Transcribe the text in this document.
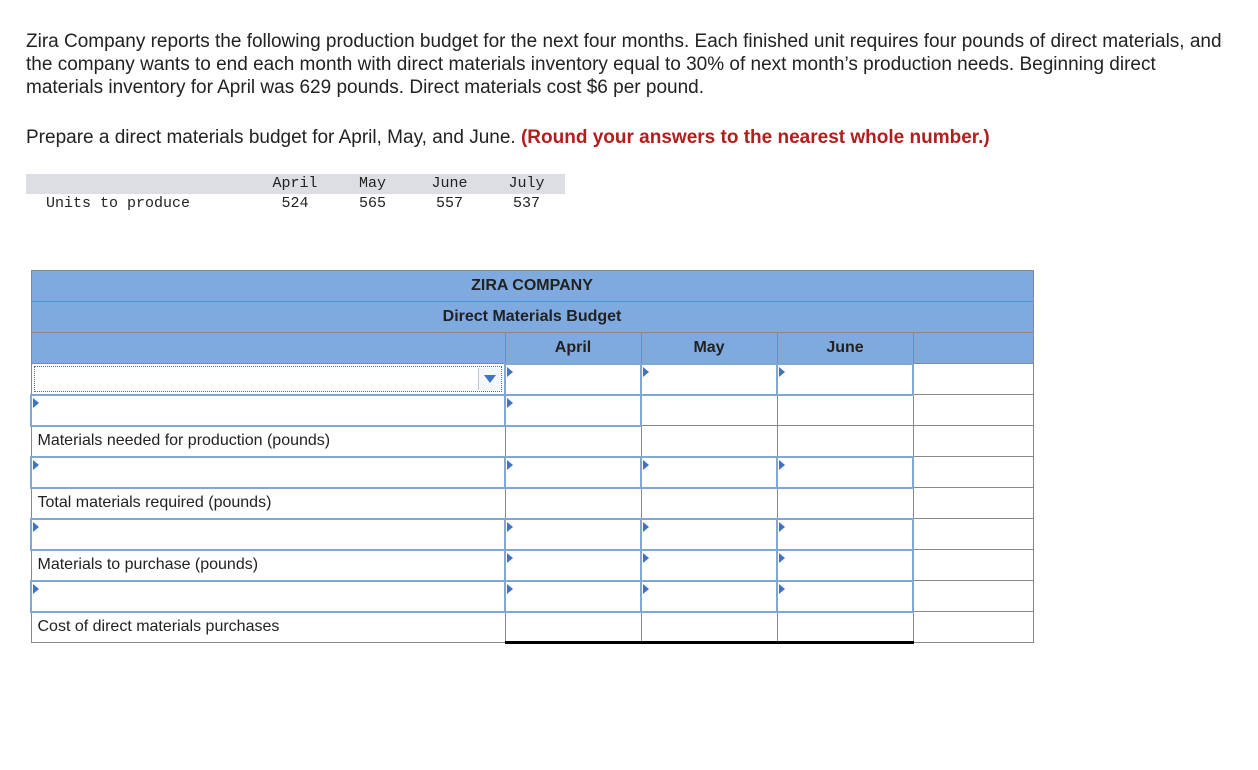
Zira Company reports the following production budget for the next four months. Each finished unit requires four pounds of direct materials, and the company wants to end each month with direct materials inventory equal to 30% of next month’s production needs. Beginning direct materials inventory for April was 629 pounds. Direct materials cost $6 per pound.

Prepare a direct materials budget for April, May, and June. (Round your answers to the nearest whole number.)

	April	May	June	July
Units to produce	524	565	557	537
ZIRA COMPANY				
Direct Materials Budget				
	April	May	June	

Materials needed for production (pounds)				

Total materials required (pounds)				

Materials to purchase (pounds)				

Cost of direct materials purchases				
